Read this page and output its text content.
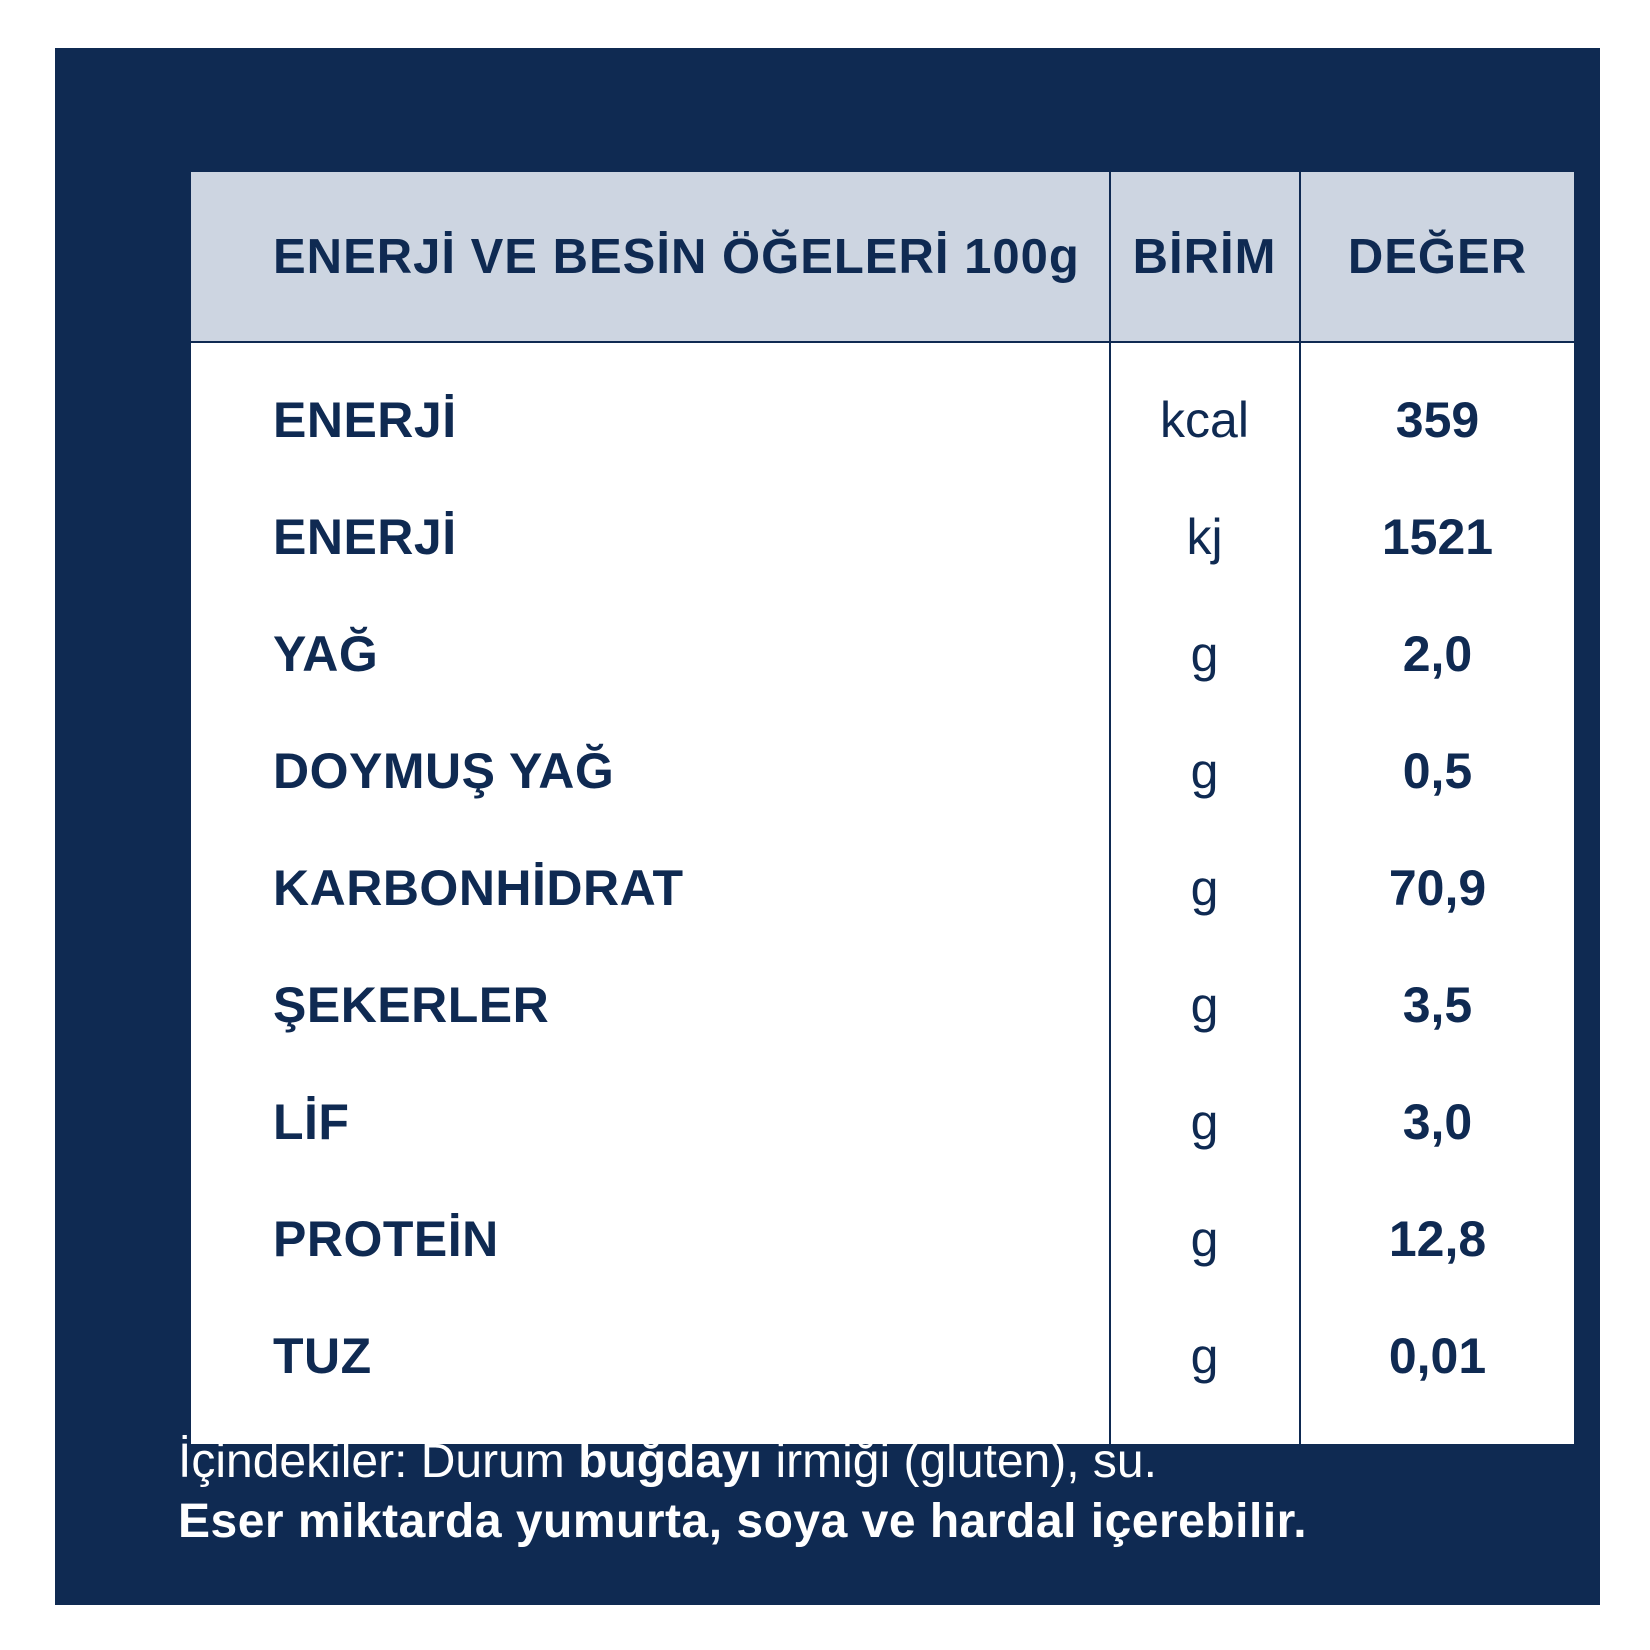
ENERJİ VE BESİN ÖĞELERİ 100g	BİRİM	DEĞER
ENERJİ	kcal	359
ENERJİ	kj	1521
YAĞ	g	2,0
DOYMUŞ YAĞ	g	0,5
KARBONHİDRAT	g	70,9
ŞEKERLER	g	3,5
LİF	g	3,0
PROTEİN	g	12,8
TUZ	g	0,01
İçindekiler: Durum buğdayı irmiği (gluten), su.
Eser miktarda yumurta, soya ve hardal içerebilir.
